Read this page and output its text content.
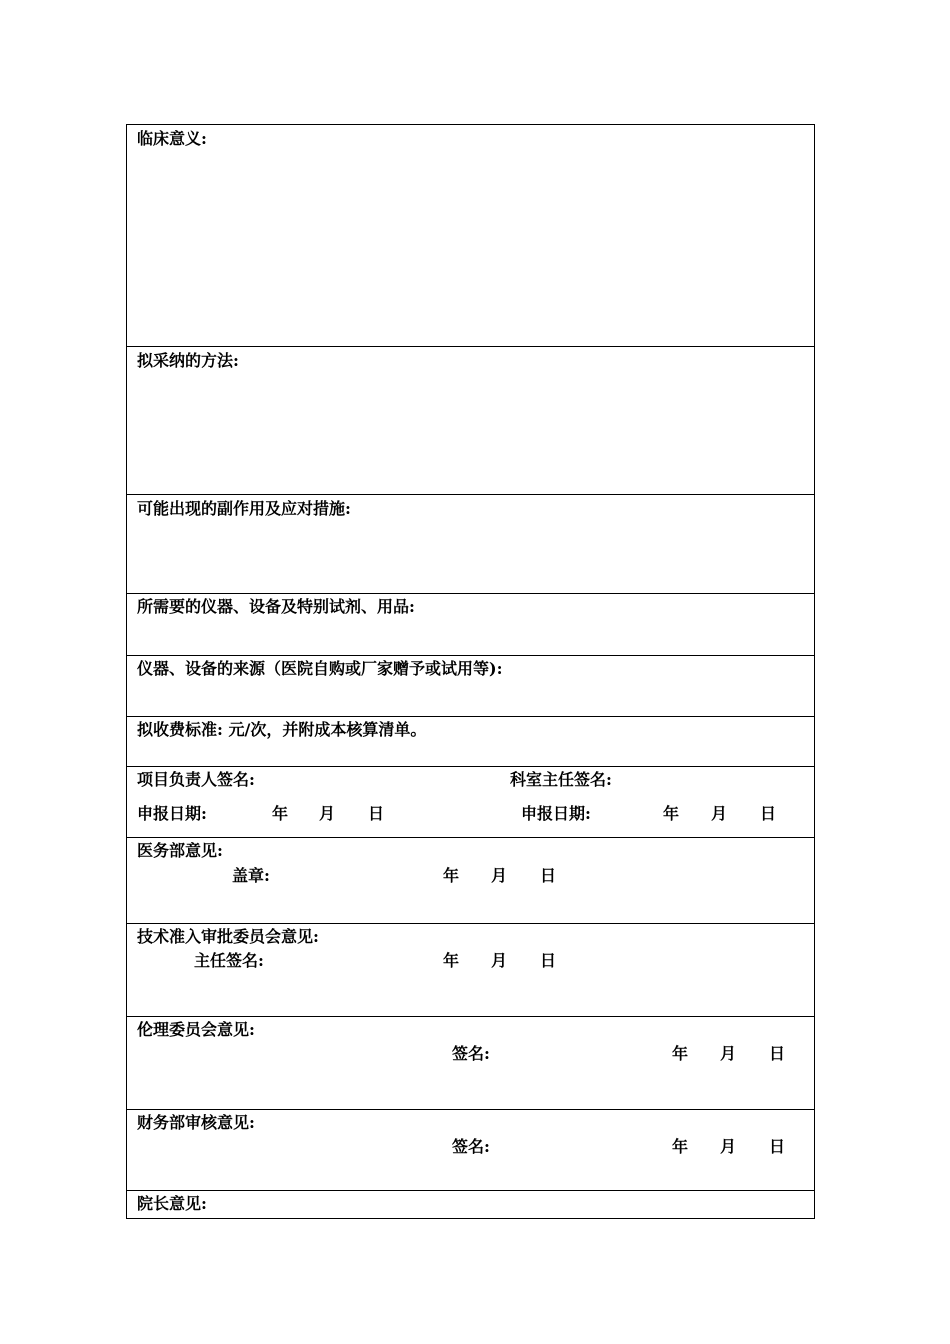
临床意义:
拟采纳的方法:
可能出现的副作用及应对措施:
所需要的仪器、设备及特别试剂、用品:
仪器、设备的来源（医院自购或厂家赠予或试用等):
拟收费标准: 元/次，并附成本核算清单。
项目负责人签名:	科室主任签名:
申报日期:	年 月 日	申报日期:	年 月 日
医务部意见:
盖章:	年 月 日
技术准入审批委员会意见:
主任签名:	年 月 日
伦理委员会意见:
签名:	年 月 日
财务部审核意见:
签名:	年 月 日
院长意见:
